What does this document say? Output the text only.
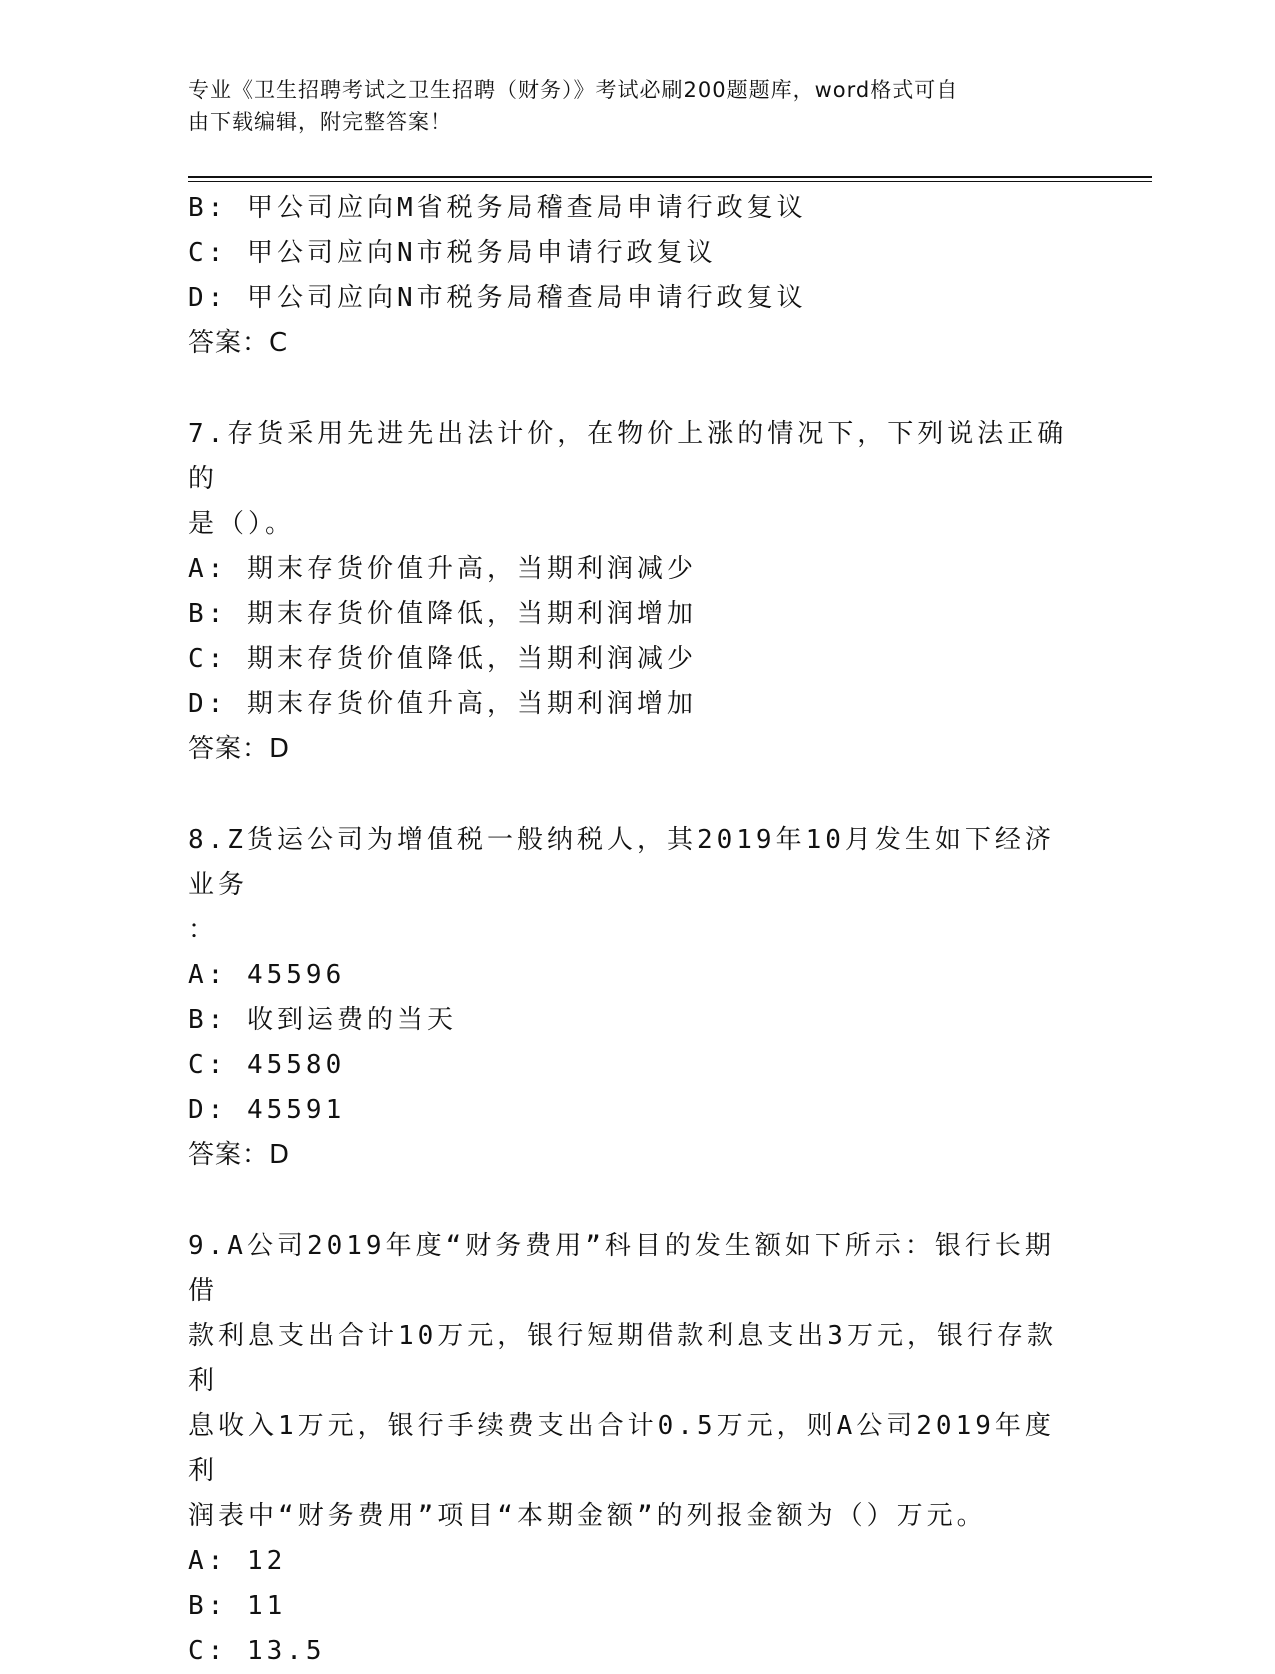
专业《卫生招聘考试之卫生招聘（财务）》考试必刷200题题库，word格式可自
由下载编辑，附完整答案！
B: 甲公司应向M省税务局稽查局申请行政复议
C: 甲公司应向N市税务局申请行政复议
D: 甲公司应向N市税务局稽查局申请行政复议
答案：C
7.存货采用先进先出法计价，在物价上涨的情况下，下列说法正确的
是（）。
A: 期末存货价值升高，当期利润减少
B: 期末存货价值降低，当期利润增加
C: 期末存货价值降低，当期利润减少
D: 期末存货价值升高，当期利润增加
答案：D
8.Z货运公司为增值税一般纳税人，其2019年10月发生如下经济业务
：
A: 45596
B: 收到运费的当天
C: 45580
D: 45591
答案：D
9.A公司2019年度“财务费用”科目的发生额如下所示：银行长期借
款利息支出合计10万元，银行短期借款利息支出3万元，银行存款利
息收入1万元，银行手续费支出合计0.5万元，则A公司2019年度利
润表中“财务费用”项目“本期金额”的列报金额为（）万元。
A: 12
B: 11
C: 13.5
